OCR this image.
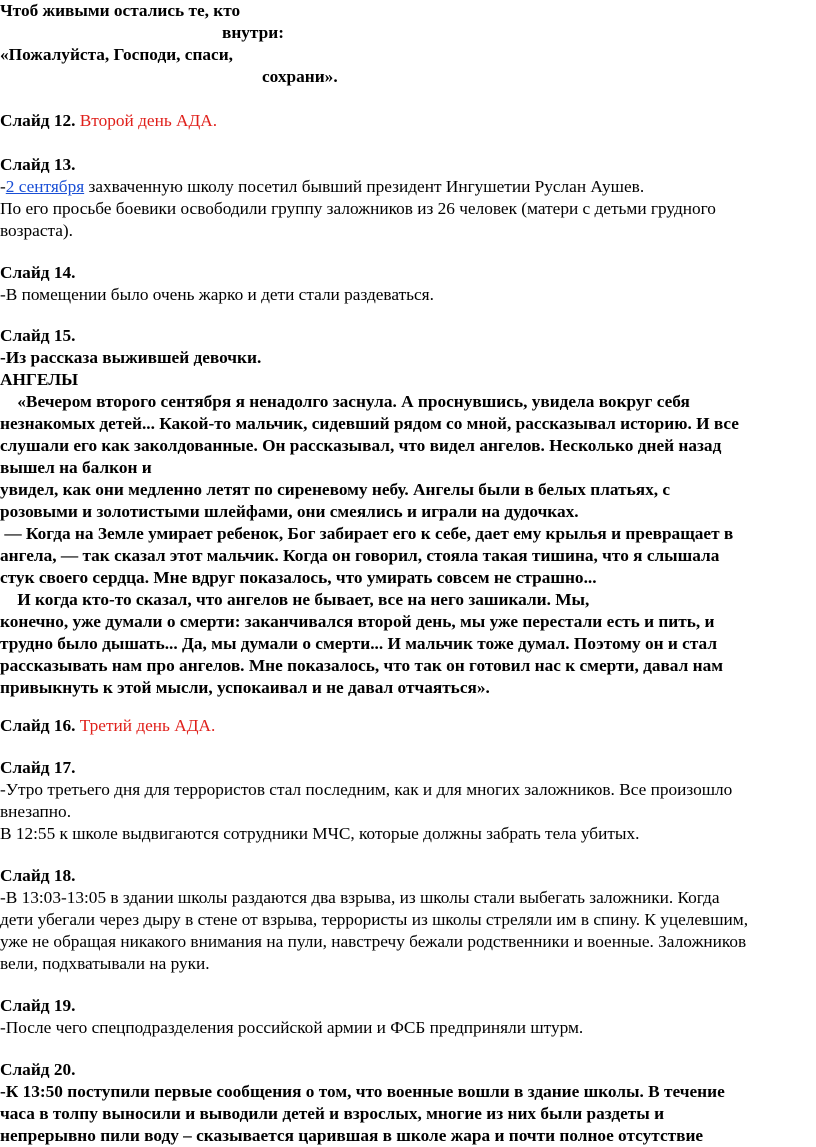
Чтоб живыми остались те, кто
внутри:
«Пожалуйста, Господи, спаси,
сохрани».
Слайд 12. Второй день АДА.
Слайд 13.
-2 сентября захваченную школу посетил бывший президент Ингушетии Руслан Аушев.
По его просьбе боевики освободили группу заложников из 26 человек (матери с детьми грудного
возраста).
Слайд 14.
-В помещении было очень жарко и дети стали раздеваться.
Слайд 15.
-Из рассказа выжившей девочки.
АНГЕЛЫ
«Вечером второго сентября я ненадолго заснула. А проснувшись, увидела вокруг себя
незнакомых детей... Какой-то мальчик, сидевший рядом со мной, рассказывал историю. И все
слушали его как заколдованные. Он рассказывал, что видел ангелов. Несколько дней назад
вышел на балкон и
увидел, как они медленно летят по сиреневому небу. Ангелы были в белых платьях, с
розовыми и золотистыми шлейфами, они смеялись и играли на дудочках.
— Когда на Земле умирает ребенок, Бог забирает его к себе, дает ему крылья и превращает в
ангела, — так сказал этот мальчик. Когда он говорил, стояла такая тишина, что я слышала
стук своего сердца. Мне вдруг показалось, что умирать совсем не страшно...
И когда кто-то сказал, что ангелов не бывает, все на него зашикали. Мы,
конечно, уже думали о смерти: заканчивался второй день, мы уже перестали есть и пить, и
трудно было дышать... Да, мы думали о смерти... И мальчик тоже думал. Поэтому он и стал
рассказывать нам про ангелов. Мне показалось, что так он готовил нас к смерти, давал нам
привыкнуть к этой мысли, успокаивал и не давал отчаяться».
Слайд 16. Третий день АДА.
Слайд 17.
-Утро третьего дня для террористов стал последним, как и для многих заложников. Все произошло
внезапно.
В 12:55 к школе выдвигаются сотрудники МЧС, которые должны забрать тела убитых.
Слайд 18.
-В 13:03-13:05 в здании школы раздаются два взрыва, из школы стали выбегать заложники. Когда
дети убегали через дыру в стене от взрыва, террористы из школы стреляли им в спину. К уцелевшим,
уже не обращая никакого внимания на пули, навстречу бежали родственники и военные. Заложников
вели, подхватывали на руки.
Слайд 19.
-После чего спецподразделения российской армии и ФСБ предприняли штурм.
Слайд 20.
-К 13:50 поступили первые сообщения о том, что военные вошли в здание школы. В течение
часа в толпу выносили и выводили детей и взрослых, многие из них были раздеты и
непрерывно пили воду – сказывается царившая в школе жара и почти полное отсутствие
